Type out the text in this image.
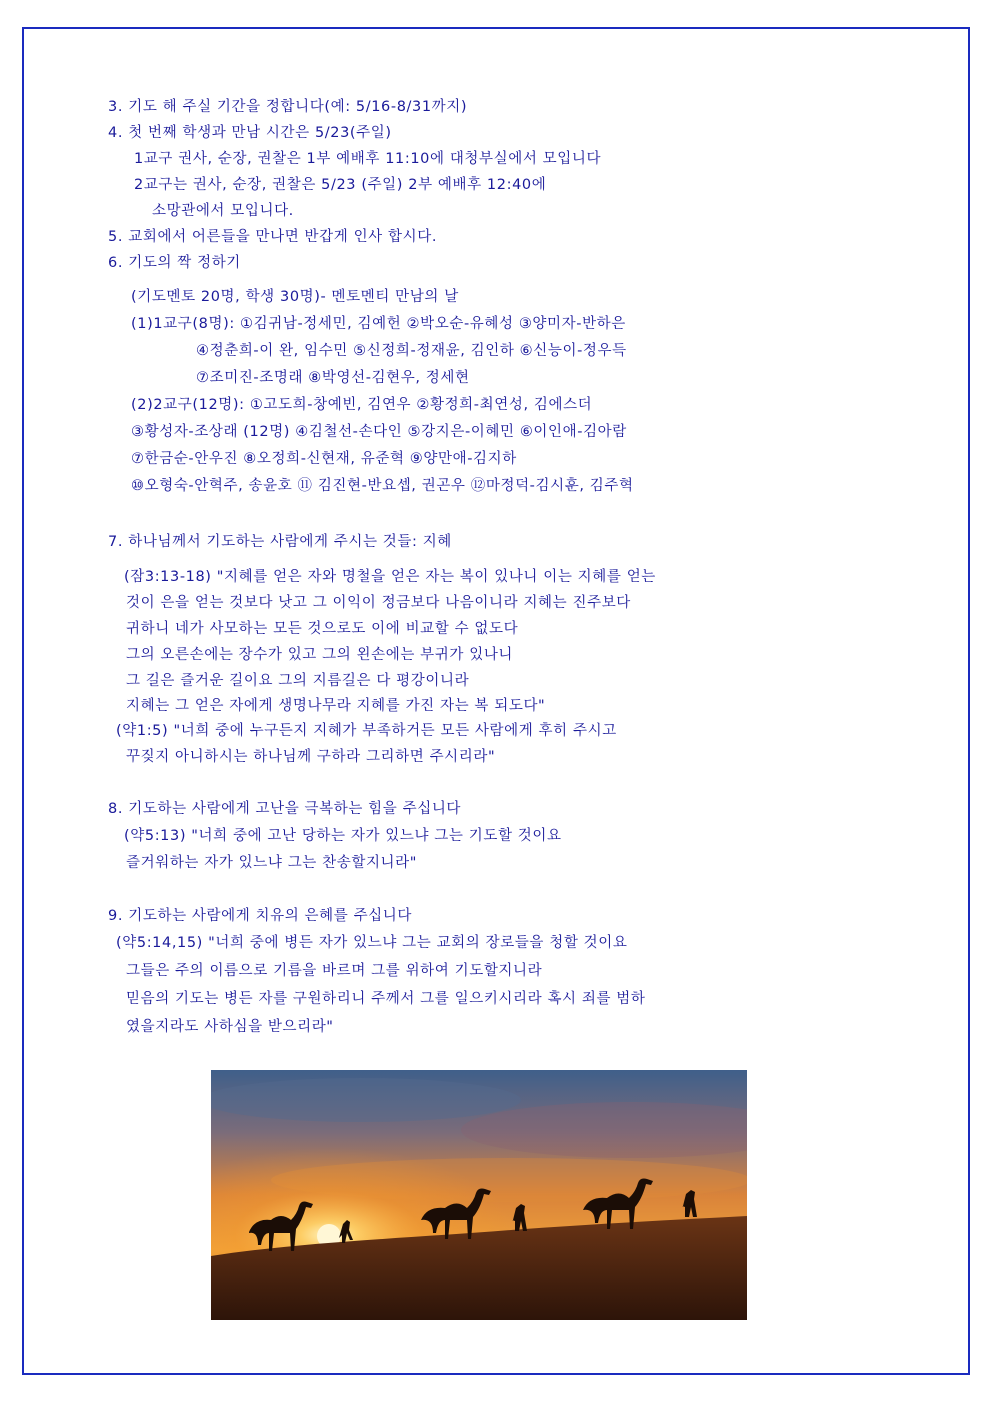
3. 기도 해 주실 기간을 정합니다(예: 5/16-8/31까지)
4. 첫 번째 학생과 만남 시간은 5/23(주일)
1교구 권사, 순장, 권찰은 1부 예배후 11:10에 대청부실에서 모입니다
2교구는 권사, 순장, 권찰은 5/23 (주일) 2부 예배후 12:40에
소망관에서 모입니다.
5. 교회에서 어른들을 만나면 반갑게 인사 합시다.
6. 기도의 짝 정하기
(기도멘토 20명, 학생 30명)- 멘토멘티 만남의 날
(1)1교구(8명): ①김귀남-정세민, 김예헌 ②박오순-유혜성 ③양미자-반하은
④정춘희-이 완, 임수민 ⑤신정희-정재윤, 김인하 ⑥신능이-정우득
⑦조미진-조명래 ⑧박영선-김현우, 정세현
(2)2교구(12명): ①고도희-창예빈, 김연우 ②황정희-최연성, 김에스더
③황성자-조상래 (12명) ④김철선-손다인 ⑤강지은-이혜민 ⑥이인애-김아람
⑦한금순-안우진 ⑧오정희-신현재, 유준혁 ⑨양만애-김지하
⑩오형숙-안혁주, 송윤호 ⑪ 김진현-반요셉, 권곤우 ⑫마정덕-김시훈, 김주혁
7. 하나님께서 기도하는 사람에게 주시는 것들: 지혜
(잠3:13-18) "지혜를 얻은 자와 명철을 얻은 자는 복이 있나니 이는 지혜를 얻는
것이 은을 얻는 것보다 낫고 그 이익이 정금보다 나음이니라 지혜는 진주보다
귀하니 네가 사모하는 모든 것으로도 이에 비교할 수 없도다
그의 오른손에는 장수가 있고 그의 왼손에는 부귀가 있나니
그 길은 즐거운 길이요 그의 지름길은 다 평강이니라
지혜는 그 얻은 자에게 생명나무라 지혜를 가진 자는 복 되도다"
(약1:5) "너희 중에 누구든지 지혜가 부족하거든 모든 사람에게 후히 주시고
꾸짖지 아니하시는 하나님께 구하라 그리하면 주시리라"
8. 기도하는 사람에게 고난을 극복하는 힘을 주십니다
(약5:13) "너희 중에 고난 당하는 자가 있느냐 그는 기도할 것이요
즐거워하는 자가 있느냐 그는 찬송할지니라"
9. 기도하는 사람에게 치유의 은혜를 주십니다
(약5:14,15) "너희 중에 병든 자가 있느냐 그는 교회의 장로들을 청할 것이요
그들은 주의 이름으로 기름을 바르며 그를 위하여 기도할지니라
믿음의 기도는 병든 자를 구원하리니 주께서 그를 일으키시리라 혹시 죄를 범하
였을지라도 사하심을 받으리라"
